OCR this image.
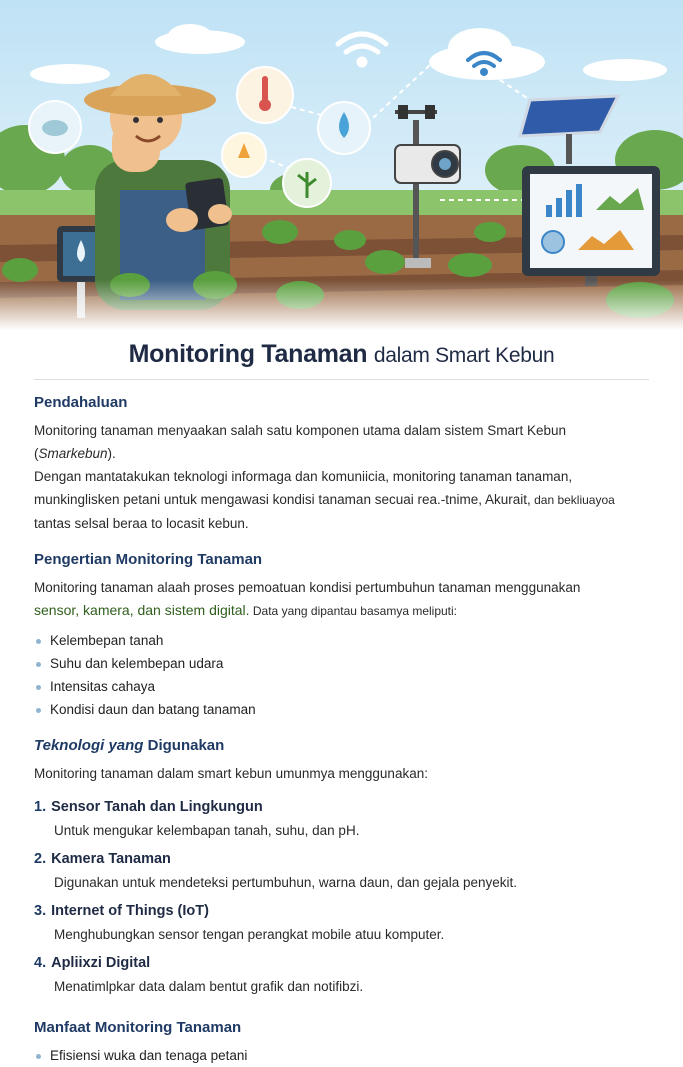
Monitoring Tanaman dalam Smart Kebun
Pendahaluan

Monitoring tanaman menyaakan salah satu komponen utama dalam sistem Smart Kebun (Smarkebun).
Dengan mantatakukan teknologi informaga dan komuniicia, monitoring tanaman tanaman,
munkinglisken petani untuk mengawasi kondisi tanaman secuai rea.-tnime, Akurait, dan bekliuayoa
tantas selsal beraa to locasit kebun.

Pengertian Monitoring Tanaman

Monitoring tanaman alaah proses pemoatuan kondisi pertumbuhun tanaman menggunakan
sensor, kamera, dan sistem digital. Data yang dipantau basamya meliputi:

Kelembepan tanah
Suhu dan kelembepan udara
Intensitas cahaya
Kondisi daun dan batang tanaman
Teknologi yang Digunakan

Monitoring tanaman dalam smart kebun umunmya menggunakan:

1. Sensor Tanah dan Lingkungun
Untuk mengukar kelembapan tanah, suhu, dan pH.
2. Kamera Tanaman
Digunakan untuk mendeteksi pertumbuhun, warna daun, dan gejala penyekit.
3. Internet of Things (IoT)
Menghubungkan sensor tengan perangkat mobile atuu komputer.
4. Apliixzi Digital
Menatimlpkar data dalam bentut grafik dan notifibzi.
Manfaat Monitoring Tanaman
Efisiensi wuka dan tenaga petani
